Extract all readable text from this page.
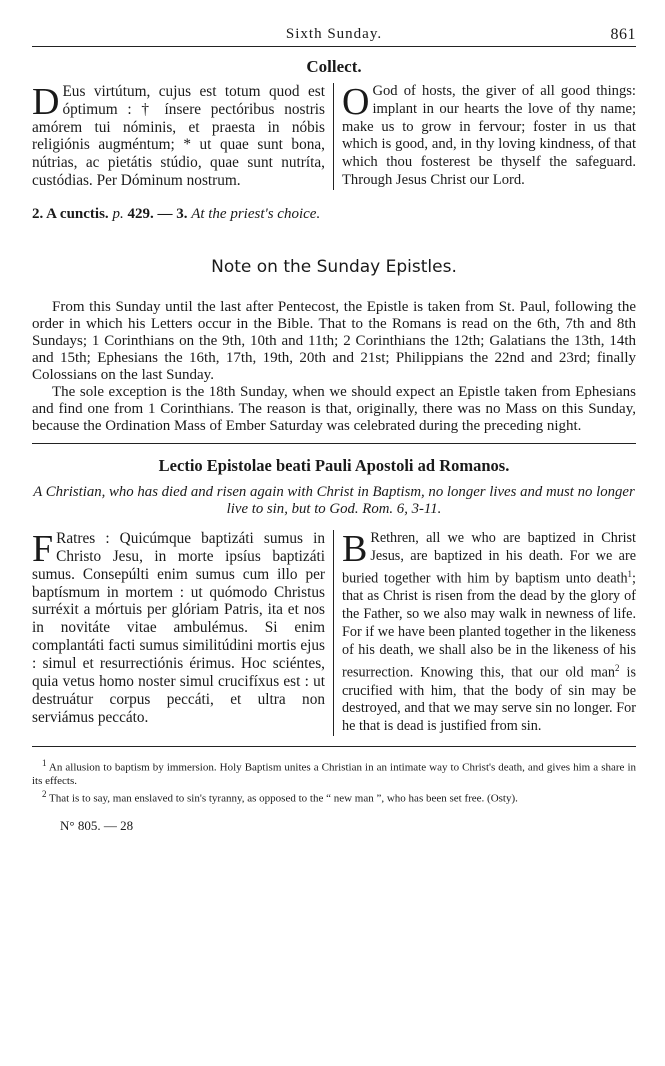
Sixth Sunday.	861
Collect.
D Eus virtútum, cujus est totum quod est óptimum : † ínsere pectóribus nostris amórem tui nóminis, et praesta in nóbis religiónis augméntum; * ut quae sunt bona, nútrias, ac pietátis stúdio, quae sunt nutríta, custódias. Per Dóminum nostrum.
O God of hosts, the giver of all good things: implant in our hearts the love of thy name; make us to grow in fervour; foster in us that which is good, and, in thy loving kindness, of that which thou fosterest be thyself the safeguard. Through Jesus Christ our Lord.
2. A cunctis. p. 429. — 3. At the priest's choice.
Note on the Sunday Epistles.

From this Sunday until the last after Pentecost, the Epistle is taken from St. Paul, following the order in which his Letters occur in the Bible. That to the Romans is read on the 6th, 7th and 8th Sundays; 1 Corinthians on the 9th, 10th and 11th; 2 Corinthians the 12th; Galatians the 13th, 14th and 15th; Ephesians the 16th, 17th, 19th, 20th and 21st; Philippians the 22nd and 23rd; finally Colossians on the last Sunday.

The sole exception is the 18th Sunday, when we should expect an Epistle taken from Ephesians and find one from 1 Corinthians. The reason is that, originally, there was no Mass on this Sunday, because the Ordination Mass of Ember Saturday was celebrated during the preceding night.

Lectio Epistolae beati Pauli Apostoli ad Romanos.
A Christian, who has died and risen again with Christ in Baptism, no longer lives and must no longer live to sin, but to God. Rom. 6, 3-11.
F Ratres : Quicúmque baptizáti sumus in Christo Jesu, in morte ipsíus baptizáti sumus. Consepúlti enim sumus cum illo per baptísmum in mortem : ut quómodo Christus surréxit a mórtuis per glóriam Patris, ita et nos in novitáte vitae ambulémus. Si enim complantáti facti sumus similitúdini mortis ejus : simul et resurrectiónis érimus. Hoc sciéntes, quia vetus homo noster simul crucifíxus est : ut destruátur corpus peccáti, et ultra non serviámus peccáto.
B Rethren, all we who are baptized in Christ Jesus, are baptized in his death. For we are buried together with him by baptism unto death$^1$; that as Christ is risen from the dead by the glory of the Father, so we also may walk in newness of life. For if we have been planted together in the likeness of his death, we shall also be in the likeness of his resurrection. Knowing this, that our old man$^2$ is crucified with him, that the body of sin may be destroyed, and that we may serve sin no longer. For he that is dead is justified from sin.

$^1$ An allusion to baptism by immersion. Holy Baptism unites a Christian in an intimate way to Christ's death, and gives him a share in its effects.

$^2$ That is to say, man enslaved to sin's tyranny, as opposed to the “ new man ”, who has been set free. (Osty).

N° 805. — 28
